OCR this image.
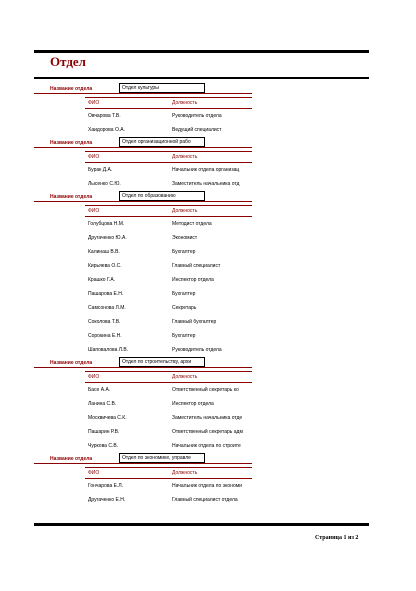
Отдел
Название отдела	Отдел культуры
ФИО	Должность
Овчарова Т.В.	Руководитель отдела
Хаидорова О.А.	Ведущий специалист
Название отдела	Отдел организационной рабо
ФИО	Должность
Бурак Д.А.	Начальник отдела организац
Лысенко С.Ю.	Заместитель начальника отд
Название отдела	Отдел по образованию
ФИО	Должность
Голубцова Н.М.	Методист отдела
Другаченко Ю.А.	Экономист
Калинаш В.В.	Бухгалтер
Кирьяева О.С.	Главный специалист
Крашко Г.А.	Инспектор отдела
Пашарова Е.Н.	Бухгалтер
Самсонова Л.М.	Секретарь
Соколова Т.В.	Главный бухгалтер
Сорокина Е.Н.	Бухгалтер
Шаповалова Л.В.	Руководитель отдела
Название отдела	Отдел по строительству, архи
ФИО	Должность
Басе А.А.	Ответственный секретарь ко
Ланина С.В.	Инспектор отдела
Москвичева С.К.	Заместитель начальника отде
Пашарин Р.В.	Ответственный секретарь адм
Чуркова С.В.	Начальник отдела по строите
Название отдела	Отдел по экономике, управле
ФИО	Должность
Гончарова Е.Л.	Начальник отдела по экономи
Другаченко Е.Н.	Главный специалист отдела
Страница 1 из 2
